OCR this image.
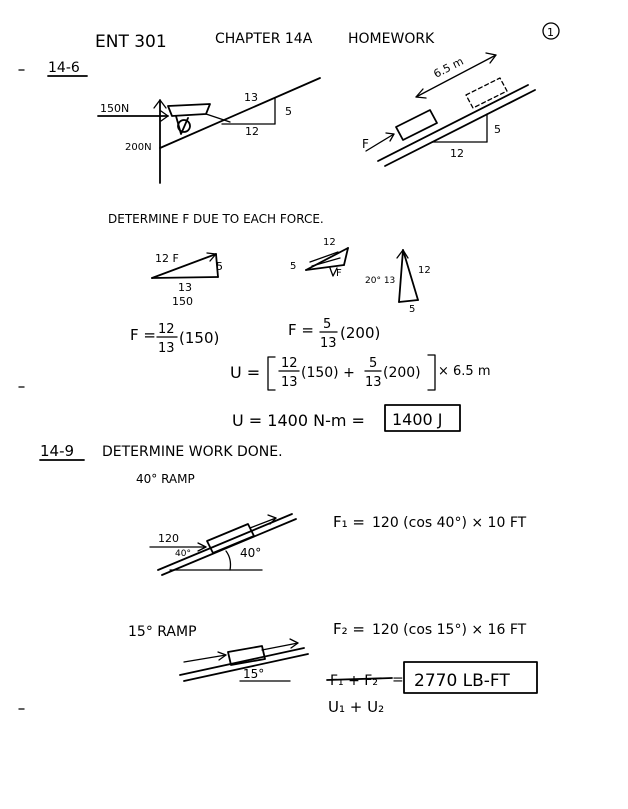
ENT 301	CHAPTER 14A	HOMEWORK	1
14-6
150N
200N
13
5
12
6.5 m
F
5
12
DETERMINE F DUE TO EACH FORCE.
12 F
5
13
150
12
5
F
20° 13
12
5
F = 12
13
(150)	F = 5
13
(200)
U = 12
13
(150) +
5
13
(200) × 6.5 m
U = 1400 N-m = 1400 J
14-9 DETERMINE WORK DONE.
40° RAMP
120
40°	40°
F₁ = 120 (cos 40°) × 10 FT
15° RAMP
15°
F₂ = 120 (cos 15°) × 16 FT
F₁ + F₂ = 2770 LB-FT
U₁ + U₂
